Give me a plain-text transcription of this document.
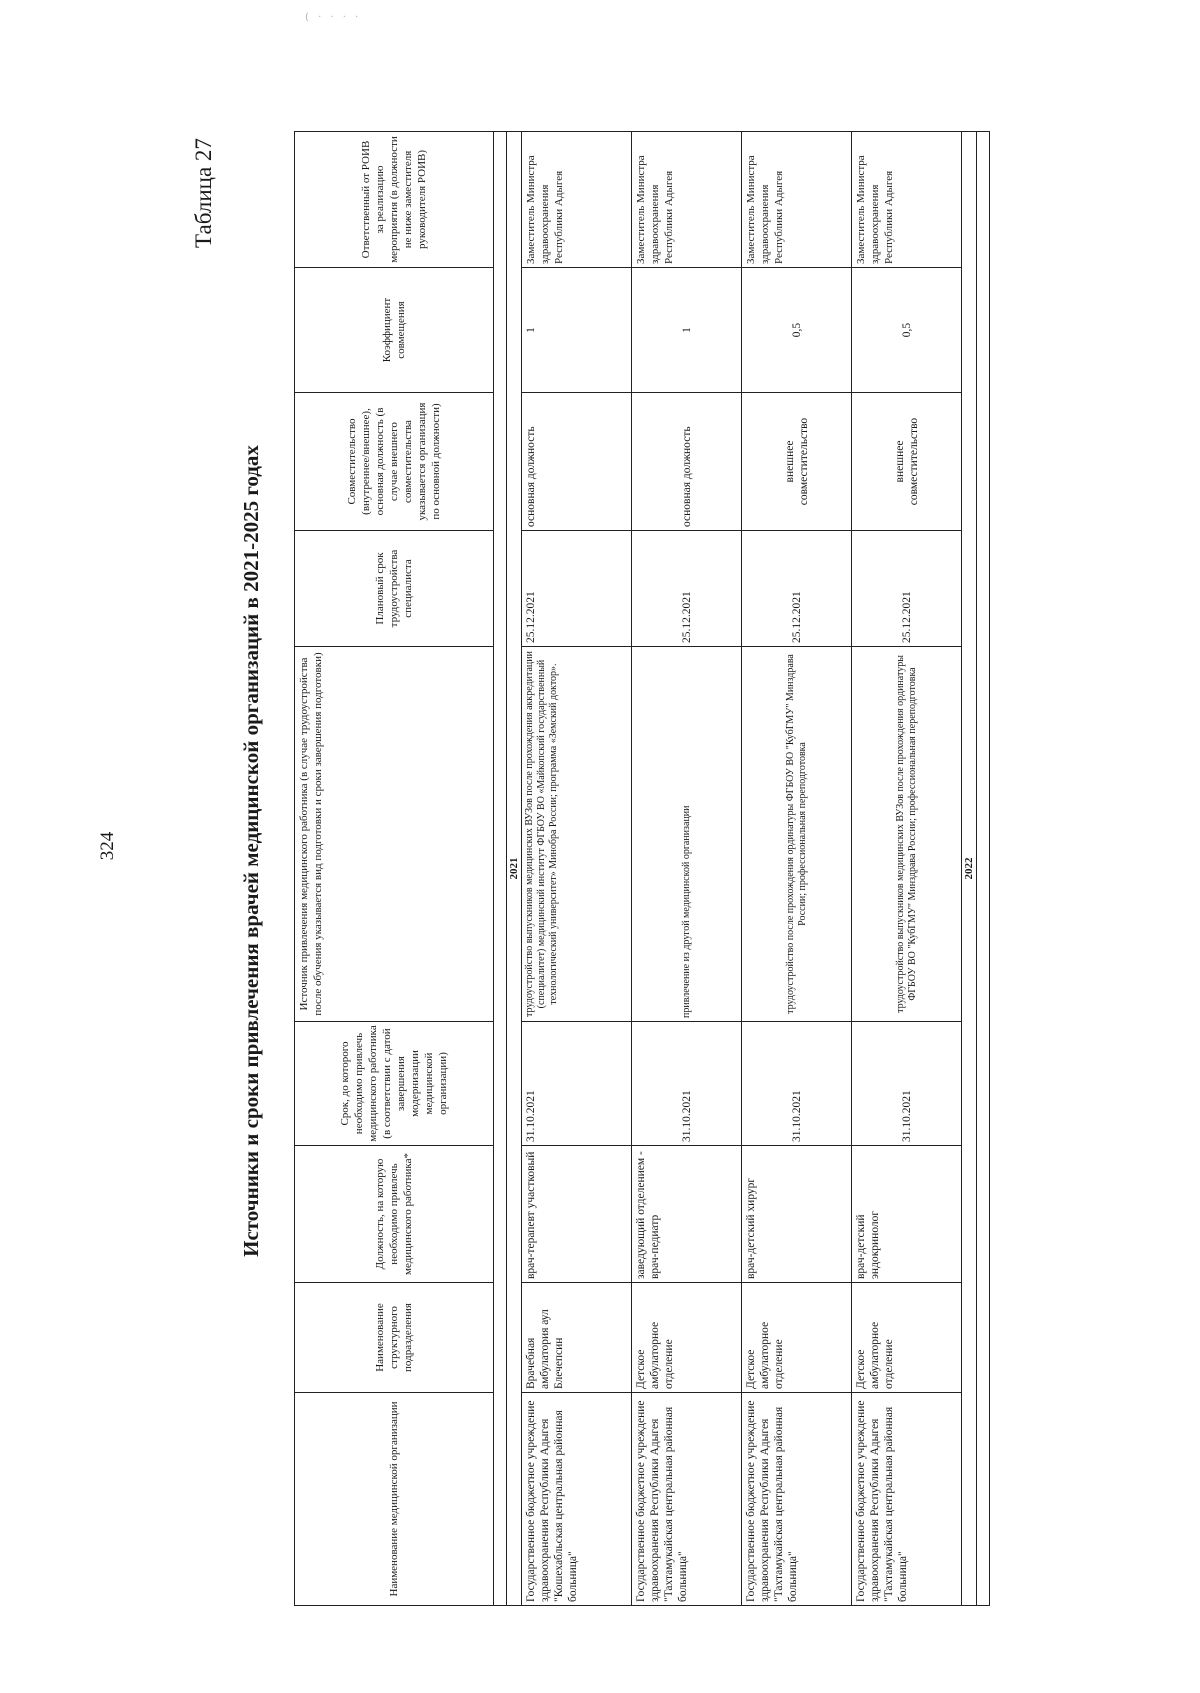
( · · · ·
324
Таблица 27
Источники и сроки привлечения врачей медицинской организаций в 2021-2025 годах
Наименование медицинской организации	Наименование структурного подразделения	Должность, на которую необходимо привлечь медицинского работника*	Срок, до которого необходимо привлечь медицинского работника (в соответствии с датой завершения модернизации медицинской организации)	Источник привлечения медицинского работника (в случае трудоустройства после обучения указывается вид подготовки и сроки завершения подготовки)	Плановый срок трудоустройства специалиста	Совместительство (внутреннее/внешнее), основная должность (в случае внешнего совместительства указывается организация по основной должности)	Коэффициент совмещения	Ответственный от РОИВ за реализацию мероприятия (в должности не ниже заместителя руководителя РОИВ)

2021								
Государственное бюджетное учреждение здравоохранения Республики Адыгея "Кошехабльская центральная районная больница"	Врачебная амбулатория аул Блечепсин	врач-терапевт участковый	31.10.2021	трудоустройство выпускников медицинских ВУЗов после прохождения аккредитации (специалитет) медицинский институт ФГБОУ ВО «Майкопский государственный технологический университет» Минобра России; программа «Земский доктор».	25.12.2021	основная должность	1	Заместитель Министра здравоохранения Республики Адыгея
Государственное бюджетное учреждение здравоохранения Республики Адыгея "Тахтамукайская центральная районная больница"	Детское амбулаторное отделение	заведующий отделением - врач-педиатр	31.10.2021	привлечение из другой медицинской организации	25.12.2021	основная должность	1	Заместитель Министра здравоохранения Республики Адыгея
Государственное бюджетное учреждение здравоохранения Республики Адыгея "Тахтамукайская центральная районная больница"	Детское амбулаторное отделение	врач-детский хирург	31.10.2021	трудоустройство после прохождения ординатуры ФГБОУ ВО "КубГМУ" Минздрава России; профессиональная переподготовка	25.12.2021	внешнее совместительство	0,5	Заместитель Министра здравоохранения Республики Адыгея
Государственное бюджетное учреждение здравоохранения Республики Адыгея "Тахтамукайская центральная районная больница"	Детское амбулаторное отделение	врач-детский эндокринолог	31.10.2021	трудоустройство выпускников медицинских ВУЗов после прохождения ординатуры ФГБОУ ВО "КубГМУ" Минздрава России; профессиональная переподготовка	25.12.2021	внешнее совместительство	0,5	Заместитель Министра здравоохранения Республики Адыгея
2022								
